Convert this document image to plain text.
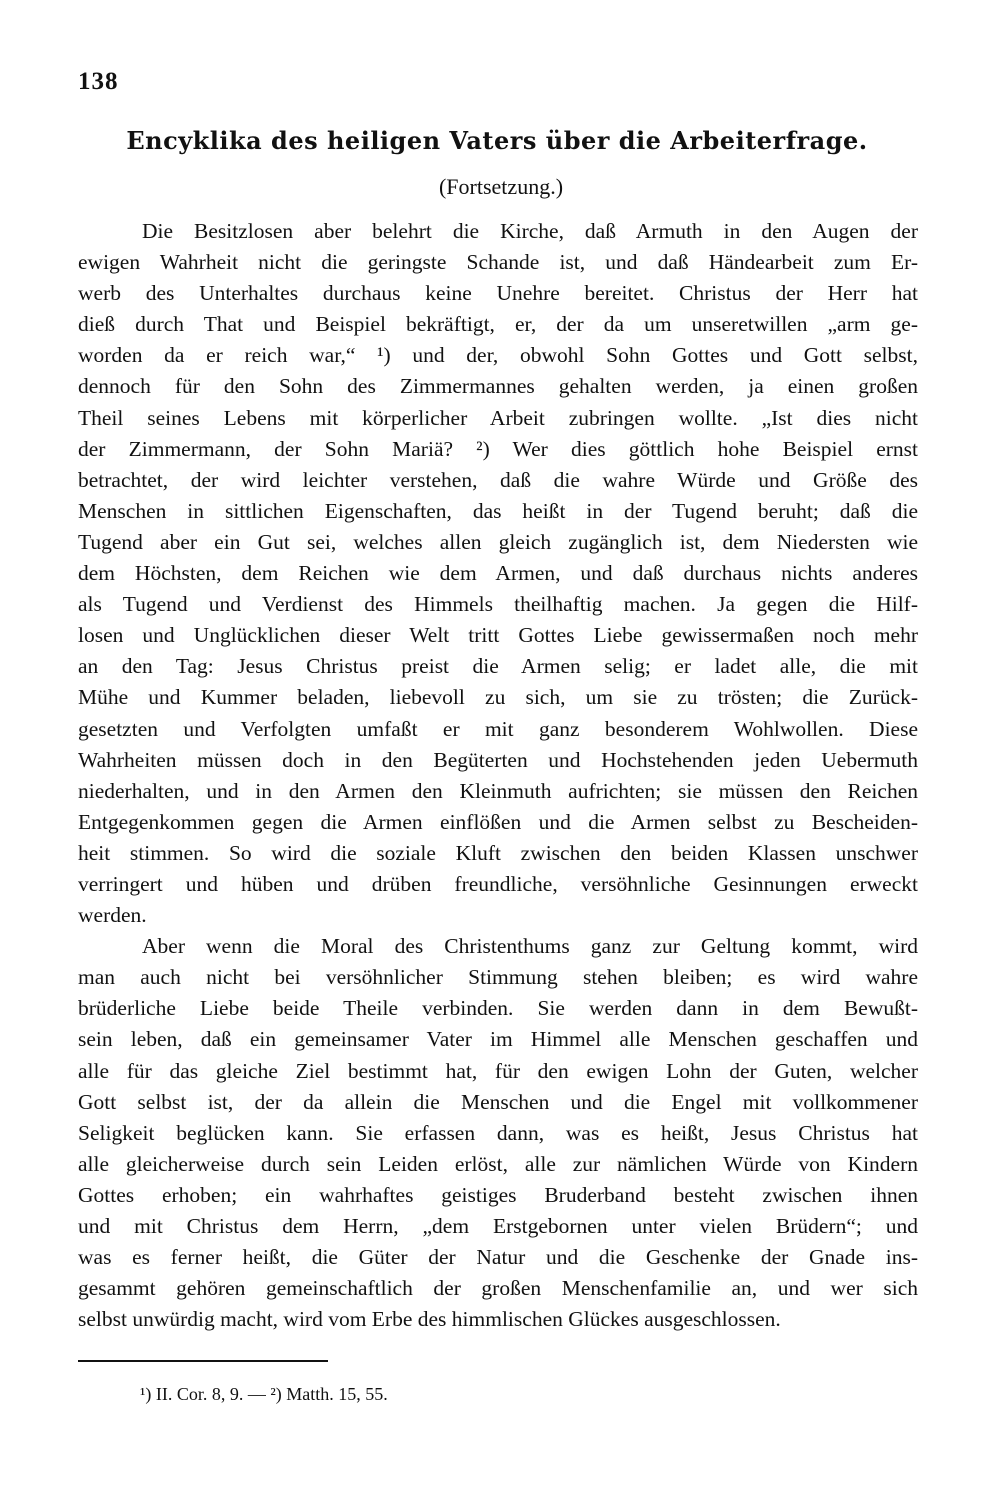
138
Encyklika des heiligen Vaters über die Arbeiterfrage.
(Fortsetzung.)
Die Besitzlosen aber belehrt die Kirche, daß Armuth in den Augen der
ewigen Wahrheit nicht die geringste Schande ist, und daß Händearbeit zum Er-
werb des Unterhaltes durchaus keine Unehre bereitet. Christus der Herr hat
dieß durch That und Beispiel bekräftigt, er, der da um unseretwillen „arm ge-
worden da er reich war,“ ¹) und der, obwohl Sohn Gottes und Gott selbst,
dennoch für den Sohn des Zimmermannes gehalten werden, ja einen großen
Theil seines Lebens mit körperlicher Arbeit zubringen wollte. „Ist dies nicht
der Zimmermann, der Sohn Mariä? ²) Wer dies göttlich hohe Beispiel ernst
betrachtet, der wird leichter verstehen, daß die wahre Würde und Größe des
Menschen in sittlichen Eigenschaften, das heißt in der Tugend beruht; daß die
Tugend aber ein Gut sei, welches allen gleich zugänglich ist, dem Niedersten wie
dem Höchsten, dem Reichen wie dem Armen, und daß durchaus nichts anderes
als Tugend und Verdienst des Himmels theilhaftig machen. Ja gegen die Hilf-
losen und Unglücklichen dieser Welt tritt Gottes Liebe gewissermaßen noch mehr
an den Tag: Jesus Christus preist die Armen selig; er ladet alle, die mit
Mühe und Kummer beladen, liebevoll zu sich, um sie zu trösten; die Zurück-
gesetzten und Verfolgten umfaßt er mit ganz besonderem Wohlwollen. Diese
Wahrheiten müssen doch in den Begüterten und Hochstehenden jeden Uebermuth
niederhalten, und in den Armen den Kleinmuth aufrichten; sie müssen den Reichen
Entgegenkommen gegen die Armen einflößen und die Armen selbst zu Bescheiden-
heit stimmen. So wird die soziale Kluft zwischen den beiden Klassen unschwer
verringert und hüben und drüben freundliche, versöhnliche Gesinnungen erweckt
werden.
Aber wenn die Moral des Christenthums ganz zur Geltung kommt, wird
man auch nicht bei versöhnlicher Stimmung stehen bleiben; es wird wahre
brüderliche Liebe beide Theile verbinden. Sie werden dann in dem Bewußt-
sein leben, daß ein gemeinsamer Vater im Himmel alle Menschen geschaffen und
alle für das gleiche Ziel bestimmt hat, für den ewigen Lohn der Guten, welcher
Gott selbst ist, der da allein die Menschen und die Engel mit vollkommener
Seligkeit beglücken kann. Sie erfassen dann, was es heißt, Jesus Christus hat
alle gleicherweise durch sein Leiden erlöst, alle zur nämlichen Würde von Kindern
Gottes erhoben; ein wahrhaftes geistiges Bruderband besteht zwischen ihnen
und mit Christus dem Herrn, „dem Erstgebornen unter vielen Brüdern“; und
was es ferner heißt, die Güter der Natur und die Geschenke der Gnade ins-
gesammt gehören gemeinschaftlich der großen Menschenfamilie an, und wer sich
selbst unwürdig macht, wird vom Erbe des himmlischen Glückes ausgeschlossen.
¹) II. Cor. 8, 9. — ²) Matth. 15, 55.
